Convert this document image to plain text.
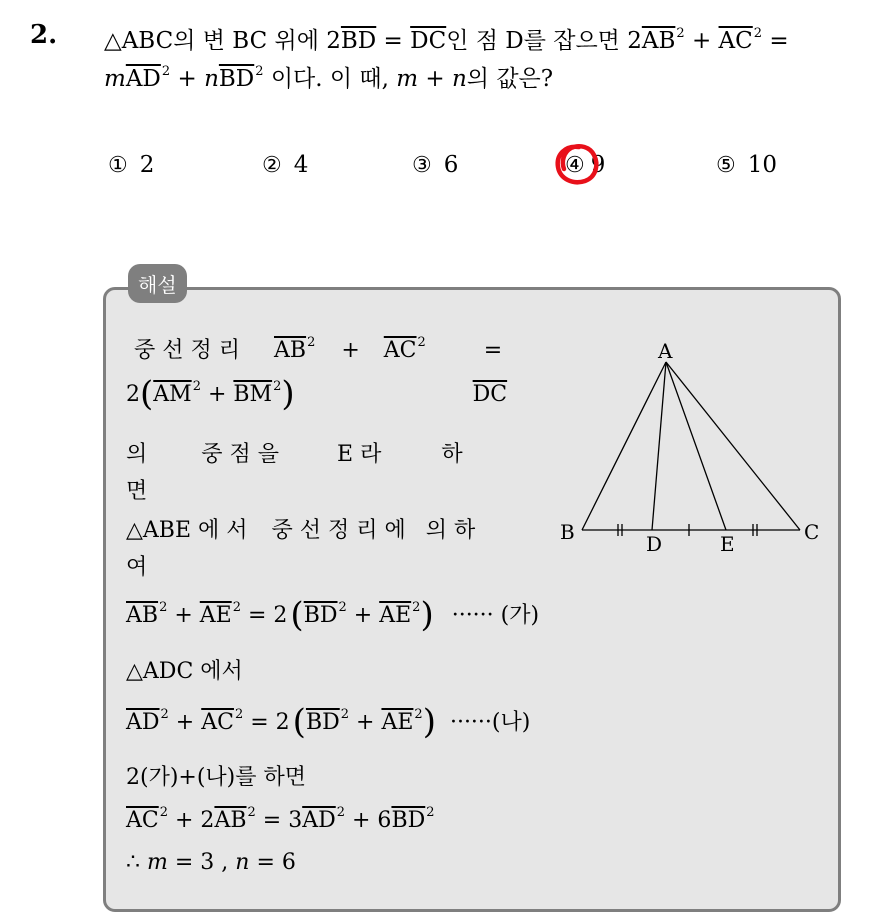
2. △ABC의 변 BC 위에 $2\overline{BD} = \overline{DC}$인 점 D를 잡으면 $2\overline{AB}^2 + \overline{AC}^2$ =
$m\overline{AD}^2 + n\overline{BD}^2$ 이다. 이 때, m + n의 값은?
① 2	② 4	③ 6	④ 9	⑤ 10
해설
중 선 정 리 $\overline{AB}^2 + \overline{AC}^2$	=
$2(\overline{AM}^2 + \overline{BM}^2)$	$\overline{DC}$
의 중 점 을	E 라	하
면
△ABE 에 서 중 선 정 리 에 의 하
여
$\overline{AB}^2 + \overline{AE}^2 = 2(\overline{BD}^2 + \overline{AE}^2)$ ······ (가)
△ADC 에서
$\overline{AD}^2 + \overline{AC}^2 = 2(\overline{BD}^2 + \overline{AE}^2)$ ······(나)
2(가)+(나)를 하면
$\overline{AC}^2 + 2\overline{AB}^2 = 3\overline{AD}^2 + 6\overline{BD}^2$
∴ m = 3 , n = 6
A
B	C
D	E
